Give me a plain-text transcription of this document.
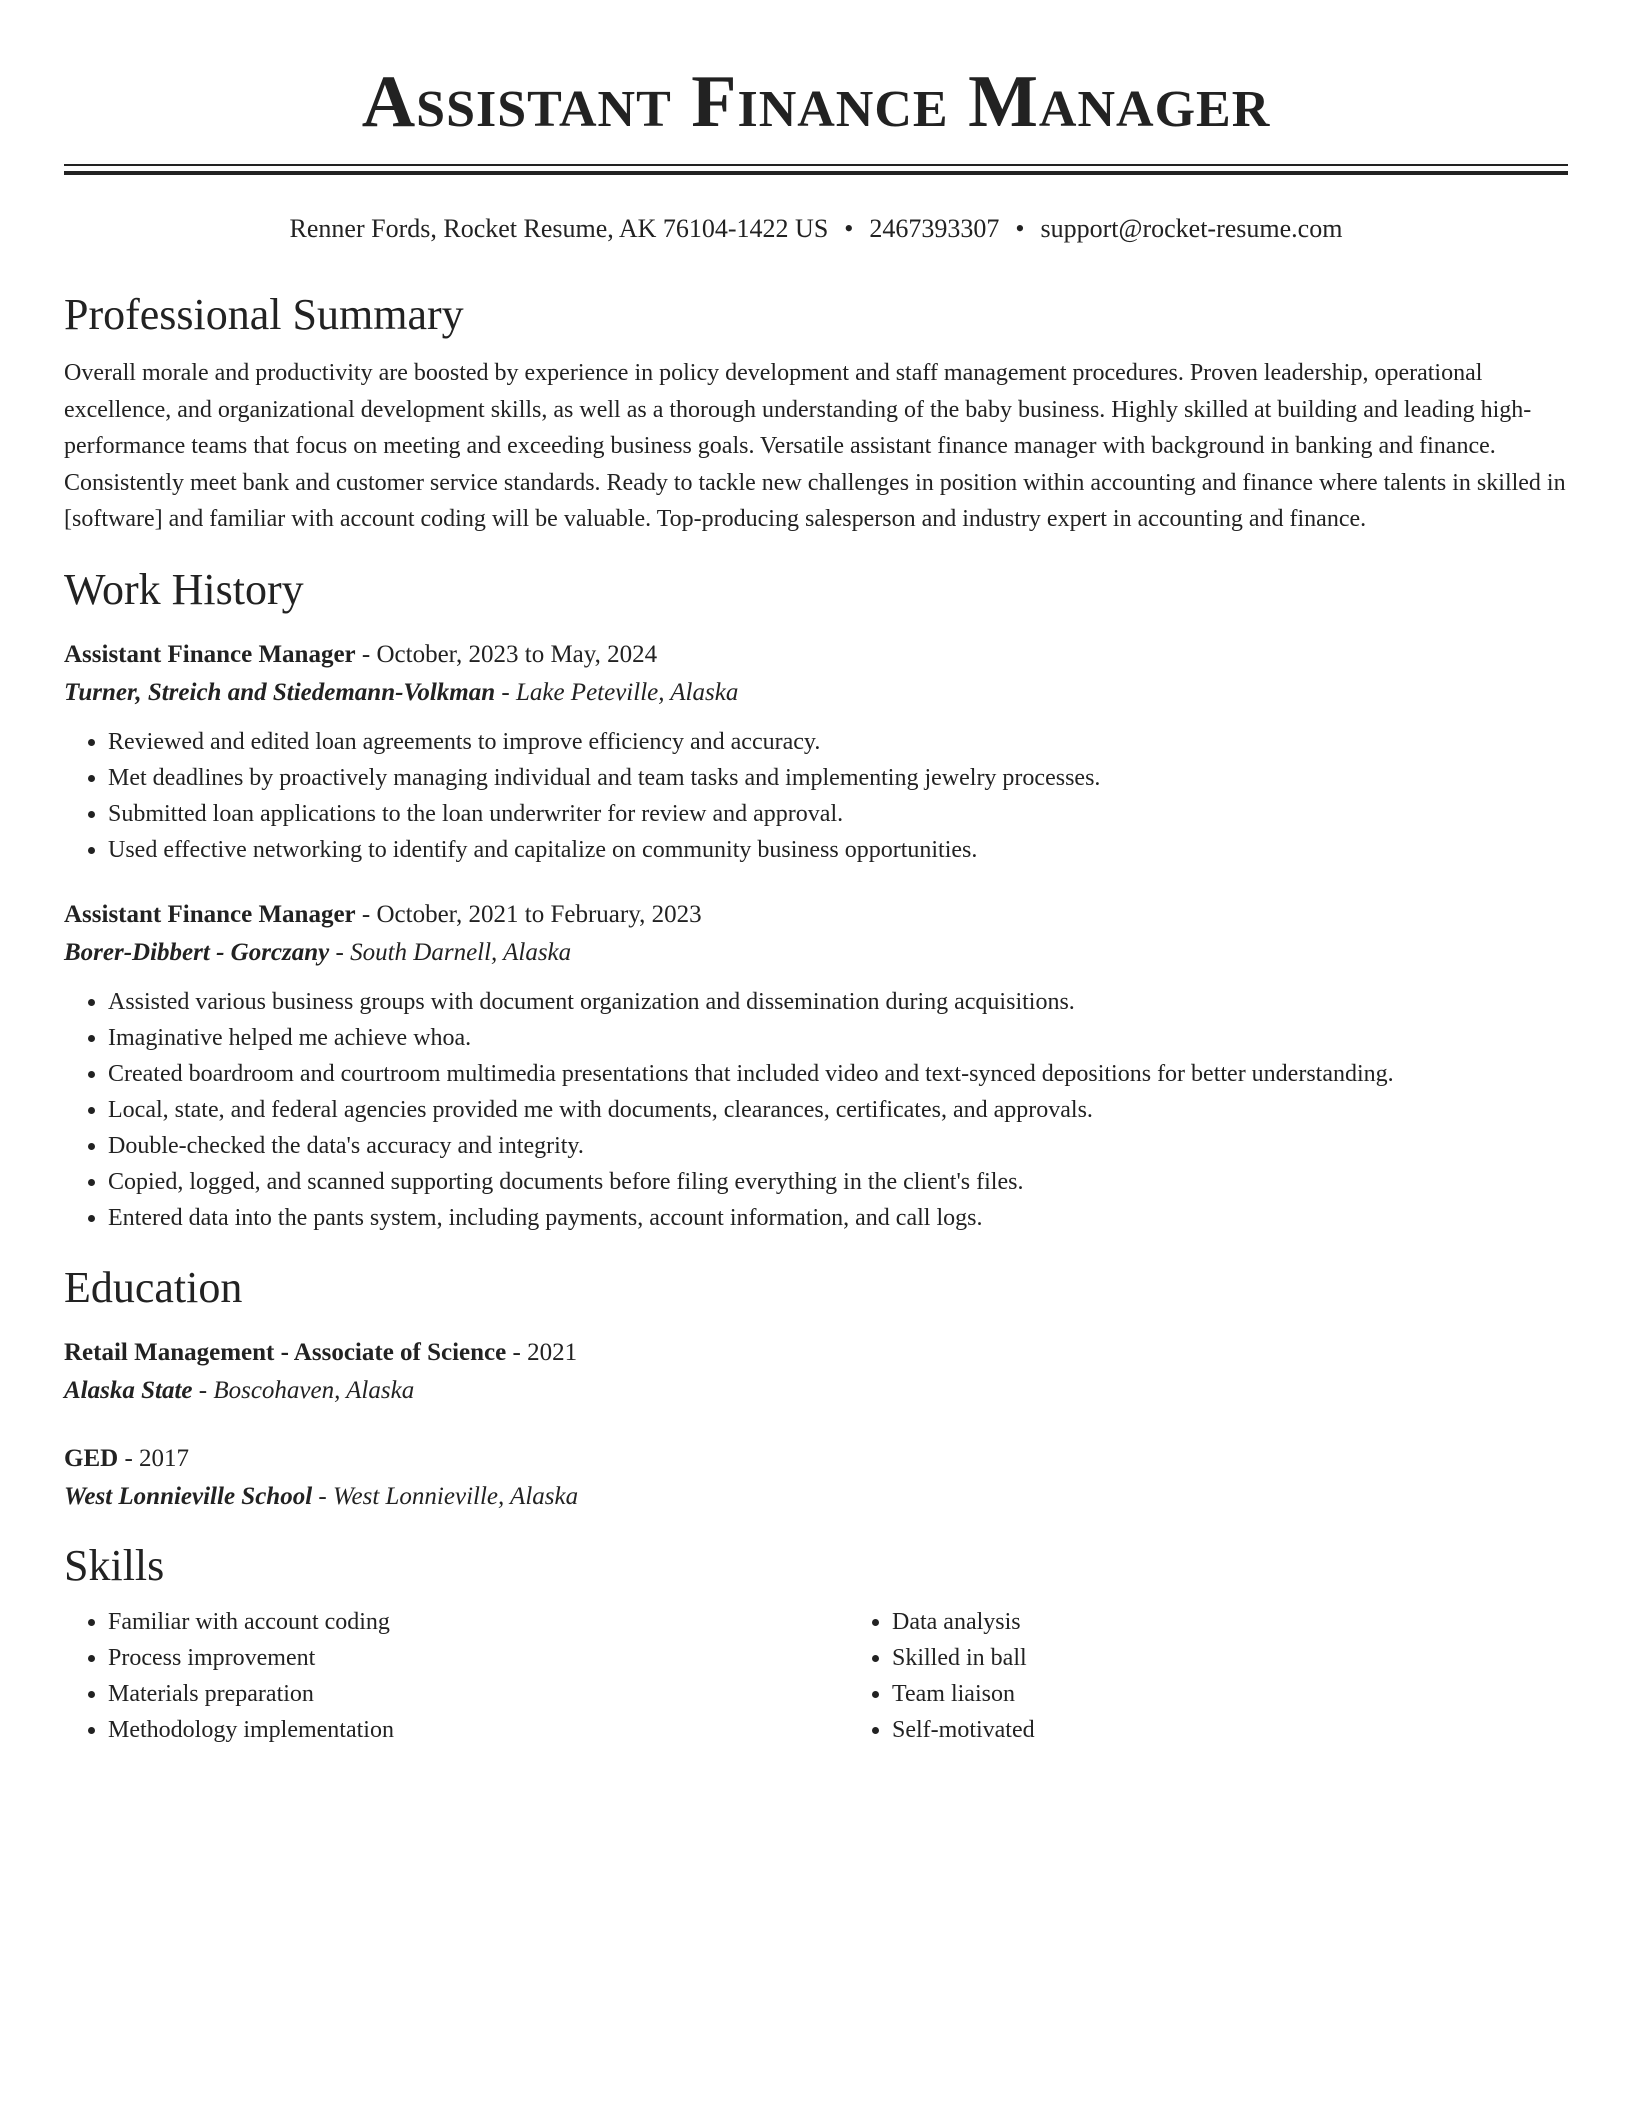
Assistant Finance Manager
Renner Fords, Rocket Resume, AK 76104-1422 US • 2467393307 • support@rocket-resume.com
Professional Summary

Overall morale and productivity are boosted by experience in policy development and staff management procedures. Proven leadership, operational excellence, and organizational development skills, as well as a thorough understanding of the baby business. Highly skilled at building and leading high-performance teams that focus on meeting and exceeding business goals. Versatile assistant finance manager with background in banking and finance. Consistently meet bank and customer service standards. Ready to tackle new challenges in position within accounting and finance where talents in skilled in [software] and familiar with account coding will be valuable. Top-producing salesperson and industry expert in accounting and finance.

Work History
Assistant Finance Manager - October, 2023 to May, 2024
Turner, Streich and Stiedemann-Volkman - Lake Peteville, Alaska
• Reviewed and edited loan agreements to improve efficiency and accuracy.
• Met deadlines by proactively managing individual and team tasks and implementing jewelry processes.
• Submitted loan applications to the loan underwriter for review and approval.
• Used effective networking to identify and capitalize on community business opportunities.
Assistant Finance Manager - October, 2021 to February, 2023
Borer-Dibbert - Gorczany - South Darnell, Alaska
• Assisted various business groups with document organization and dissemination during acquisitions.
• Imaginative helped me achieve whoa.
• Created boardroom and courtroom multimedia presentations that included video and text-synced depositions for better understanding.
• Local, state, and federal agencies provided me with documents, clearances, certificates, and approvals.
• Double-checked the data's accuracy and integrity.
• Copied, logged, and scanned supporting documents before filing everything in the client's files.
• Entered data into the pants system, including payments, account information, and call logs.
Education
Retail Management - Associate of Science - 2021
Alaska State - Boscohaven, Alaska
GED - 2017
West Lonnieville School - West Lonnieville, Alaska
Skills
• Familiar with account coding
• Process improvement
• Materials preparation
• Methodology implementation
• Data analysis
• Skilled in ball
• Team liaison
• Self-motivated
